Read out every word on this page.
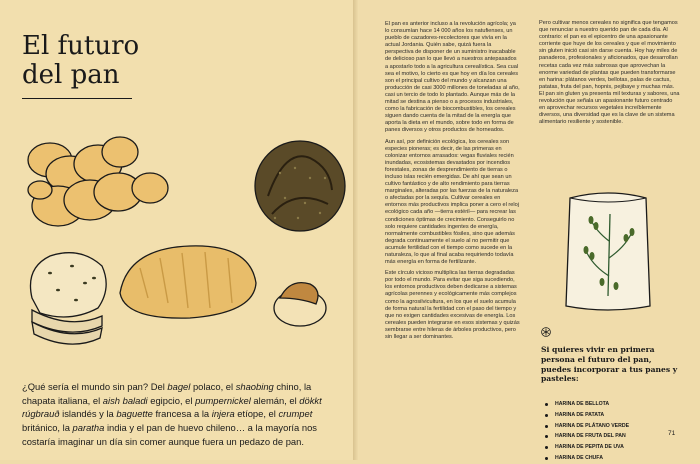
El futuro
del pan

¿Qué sería el mundo sin pan? Del bagel polaco, el shaobing chino, la chapata italiana, el aish baladi egipcio, el pumpernickel alemán, el dökkt rúgbrauð islandés y la baguette francesa a la injera etíope, el crumpet británico, la paratha india y el pan de huevo chileno… a la mayoría nos costaría imaginar un día sin comer aunque fuera un pedazo de pan.

El pan es anterior incluso a la revolución agrícola; ya lo consumían hace 14 000 años los natufienses, un pueblo de cazadores-recolectores que vivía en la actual Jordania. Quién sabe, quizá fuera la perspectiva de disponer de un suministro inacabable de delicioso pan lo que llevó a nuestros antepasados a apostarlo todo a la agricultura cerealística. Sea cual sea el motivo, lo cierto es que hoy en día los cereales son el principal cultivo del mundo y alcanzan una producción de casi 3000 millones de toneladas al año, casi un tercio de todo lo plantado. Aunque más de la mitad se destina a pienso o a procesos industriales, como la fabricación de biocombustibles, los cereales siguen dando cuenta de la mitad de la energía que aporta la dieta en el mundo, sobre todo en forma de panes diversos y otros productos de horneados.

Aun así, por definición ecológica, los cereales son especies pioneras; es decir, de las primeras en colonizar entornos arrasados: vegas fluviales recién inundadas, ecosistemas devastados por incendios forestales, zonas de desprendimiento de tierras o incluso islas recién emergidas. De ahí que sean un cultivo fantástico y de alto rendimiento para tierras marginales, alteradas por las fuerzas de la naturaleza o afectadas por la sequía. Cultivar cereales en entornos más productivos implica poner a cero el reloj ecológico cada año —tierra estéril— para recrear las condiciones óptimas de crecimiento. Conseguirlo no solo requiere cantidades ingentes de energía, normalmente combustibles fósiles, sino que además degrada continuamente el suelo al no permitir que acumule fertilidad con el tiempo como sucede en la naturaleza, lo que al final acaba requiriendo todavía más energía en forma de fertilizante.

Este círculo vicioso multiplica las tierras degradadas por todo el mundo. Para evitar que siga sucediendo, los entornos productivos deben dedicarse a sistemas agrícolas perennes y ecológicamente más complejos como la agrosilvicultura, en los que el suelo acumula de forma natural la fertilidad con el paso del tiempo y que no exigen cantidades excesivas de energía. Los cereales pueden integrarse en esos sistemas y quizás sembrarse entre hileras de árboles productivos, pero sin llegar a ser dominantes.

Pero cultivar menos cereales no significa que tengamos que renunciar a nuestro querido pan de cada día. Al contrario: el pan es el epicentro de una apasionante corriente que huye de los cereales y que el movimiento sin gluten inició casi sin darse cuenta. Hoy hay miles de panaderos, profesionales y aficionados, que desarrollan recetas cada vez más sabrosas que aprovechan la enorme variedad de plantas que pueden transformarse en harina: plátanos verdes, bellotas, palas de cactus, patatas, fruta del pan, hopnis, pejibaye y muchas más. El pan sin gluten ya presenta mil texturas y sabores, una revolución que señala un apasionante futuro centrado en aprovechar recursos vegetales increíblemente diversos, una diversidad que es la clave de un sistema alimentario resiliente y sostenible.

Si quieres vivir en primera persona el futuro del pan, puedes incorporar a tus panes y pasteles:

HARINA DE BELLOTA
HARINA DE PATATA
HARINA DE PLÁTANO VERDE
HARINA DE FRUTA DEL PAN
HARINA DE PEPITA DE UVA
HARINA DE CHUFA
71
